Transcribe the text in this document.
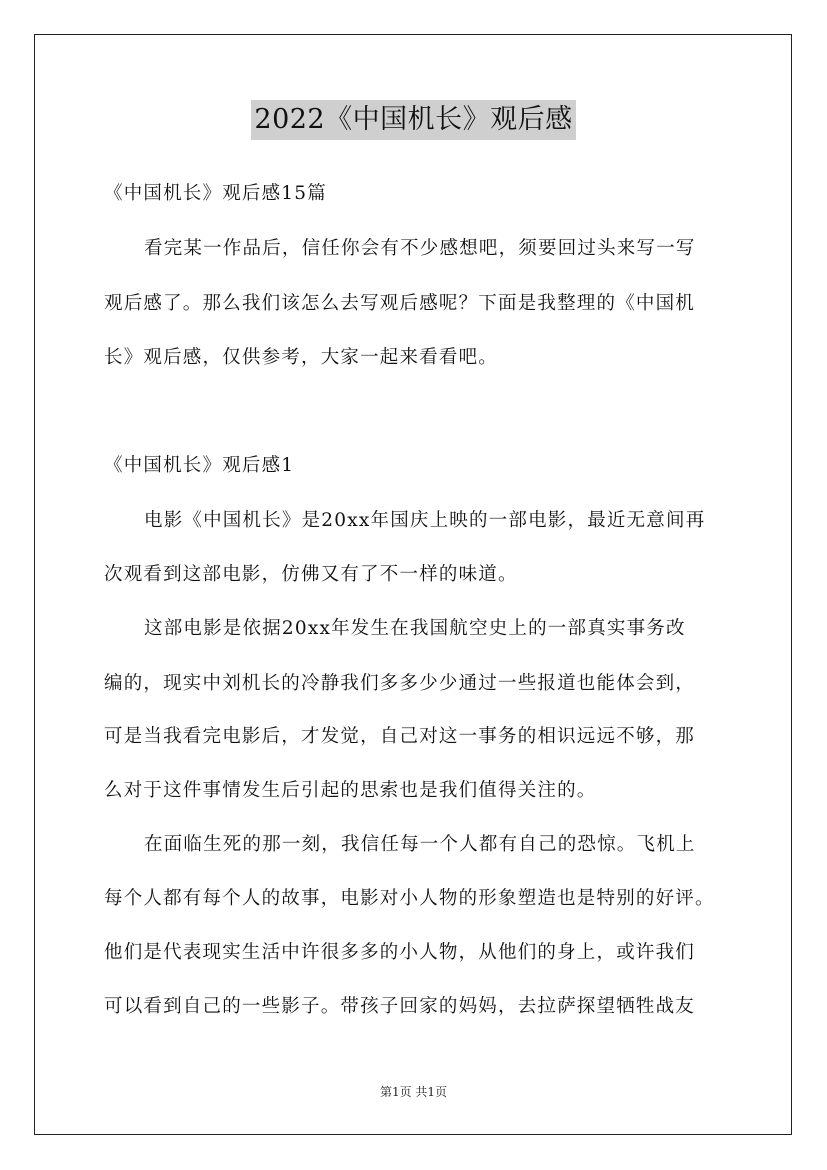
2022《中国机长》观后感
《中国机长》观后感15篇
看完某一作品后，信任你会有不少感想吧，须要回过头来写一写
观后感了。那么我们该怎么去写观后感呢？下面是我整理的《中国机
长》观后感，仅供参考，大家一起来看看吧。
《中国机长》观后感1
电影《中国机长》是20xx年国庆上映的一部电影，最近无意间再
次观看到这部电影，仿佛又有了不一样的味道。
这部电影是依据20xx年发生在我国航空史上的一部真实事务改
编的，现实中刘机长的冷静我们多多少少通过一些报道也能体会到，
可是当我看完电影后，才发觉，自己对这一事务的相识远远不够，那
么对于这件事情发生后引起的思索也是我们值得关注的。
在面临生死的那一刻，我信任每一个人都有自己的恐惊。飞机上
每个人都有每个人的故事，电影对小人物的形象塑造也是特别的好评。
他们是代表现实生活中许很多多的小人物，从他们的身上，或许我们
可以看到自己的一些影子。带孩子回家的妈妈，去拉萨探望牺牲战友
第1页 共1页
